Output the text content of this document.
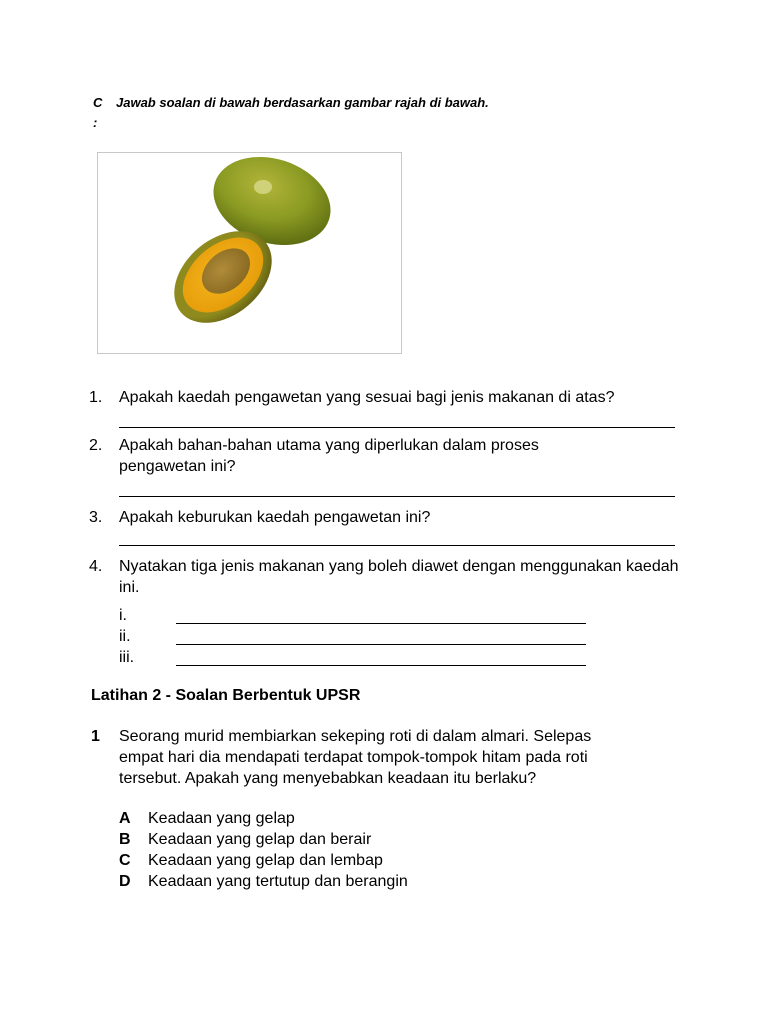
C Jawab soalan di bawah berdasarkan gambar rajah di bawah.
:
1. Apakah kaedah pengawetan yang sesuai bagi jenis makanan di atas?
2. Apakah bahan-bahan utama yang diperlukan dalam proses pengawetan ini?
3. Apakah keburukan kaedah pengawetan ini?
4. Nyatakan tiga jenis makanan yang boleh diawet dengan menggunakan kaedah ini.
i.
ii.
iii.
Latihan 2 - Soalan Berbentuk UPSR
1 Seorang murid membiarkan sekeping roti di dalam almari. Selepas empat hari dia mendapati terdapat tompok-tompok hitam pada roti tersebut. Apakah yang menyebabkan keadaan itu berlaku?
A Keadaan yang gelap
B Keadaan yang gelap dan berair
C Keadaan yang gelap dan lembap
D Keadaan yang tertutup dan berangin
